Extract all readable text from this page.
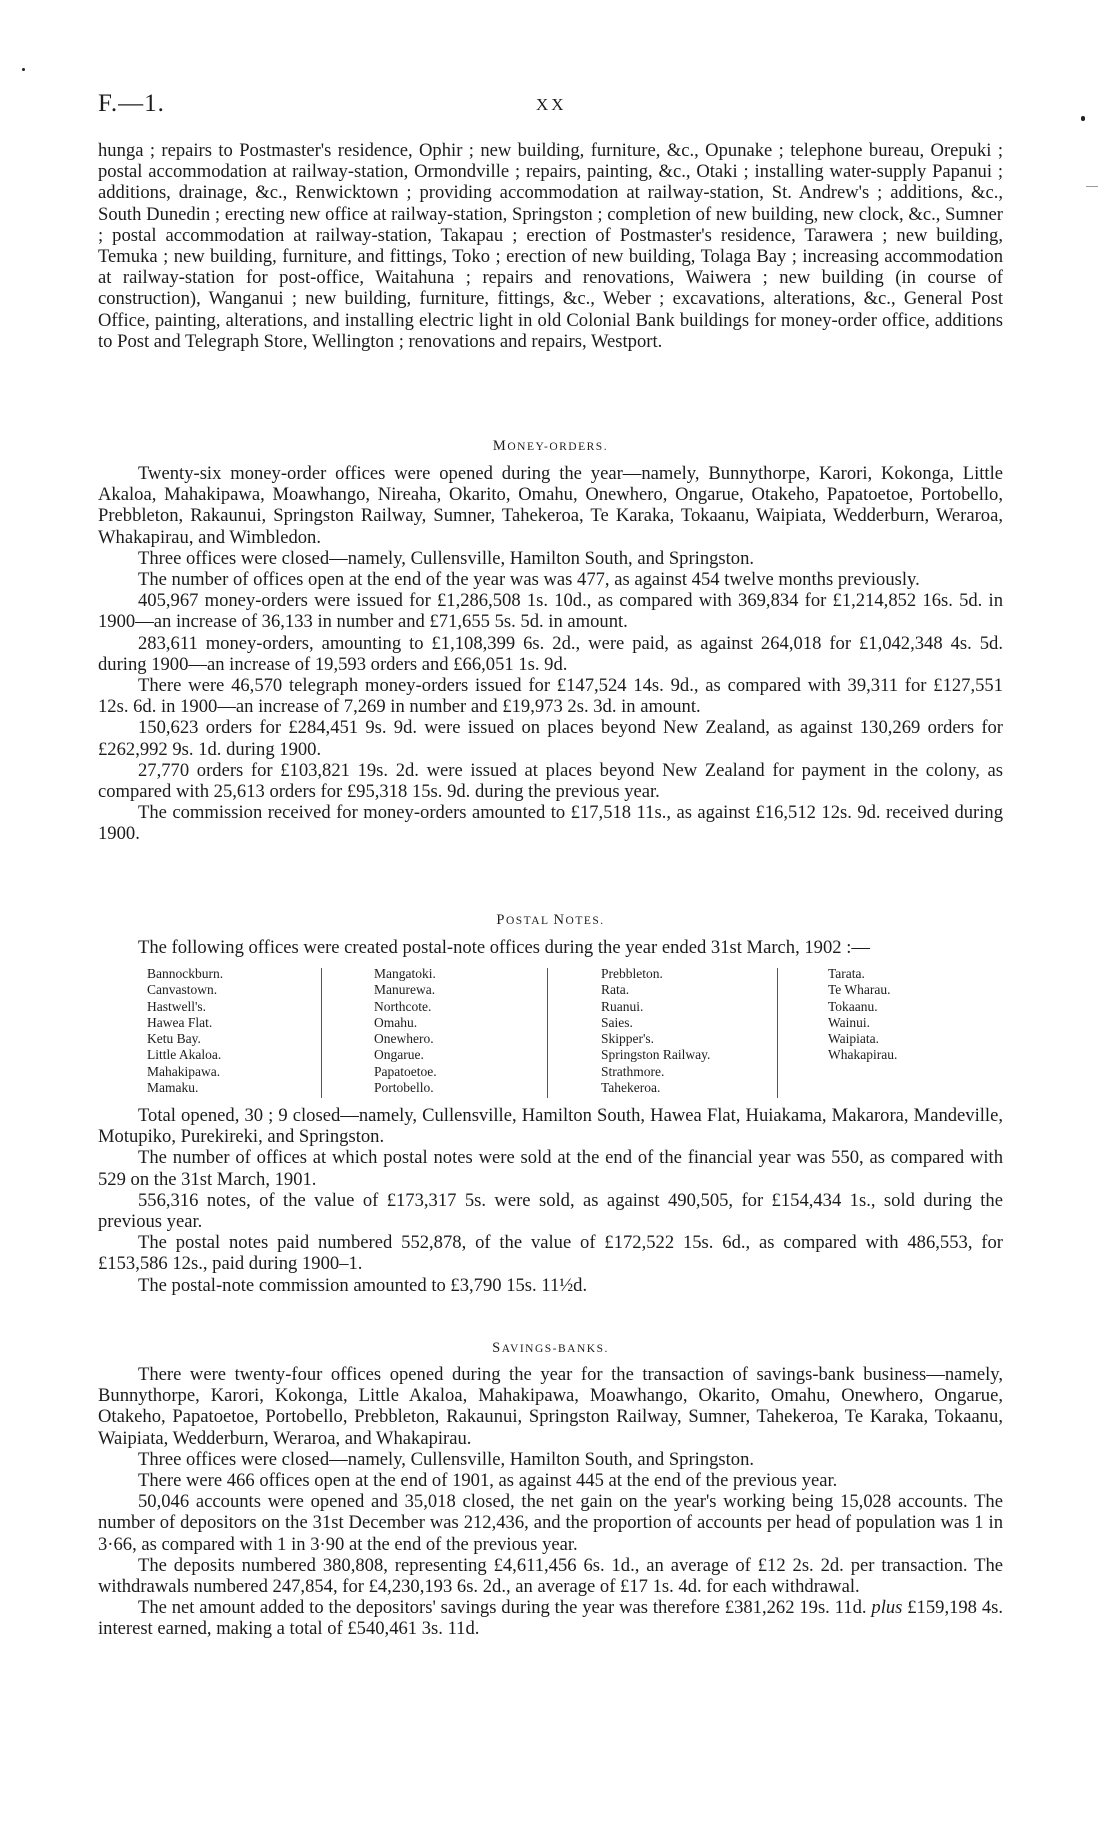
F.—1.	XX

hunga ; repairs to Postmaster's residence, Ophir ; new building, furniture, &c., Opunake ; telephone bureau, Orepuki ; postal accommodation at railway-station, Ormondville ; repairs, painting, &c., Otaki ; installing water-supply Papanui ; additions, drainage, &c., Renwicktown ; providing accommodation at railway-station, St. Andrew's ; additions, &c., South Dunedin ; erecting new office at railway-station, Springston ; completion of new building, new clock, &c., Sumner ; postal accommodation at railway-station, Takapau ; erection of Postmaster's residence, Tarawera ; new building, Temuka ; new building, furniture, and fittings, Toko ; erection of new building, Tolaga Bay ; increasing accommodation at railway-station for post-office, Waitahuna ; repairs and renovations, Waiwera ; new building (in course of construction), Wanganui ; new building, furniture, fittings, &c., Weber ; excavations, alterations, &c., General Post Office, painting, alterations, and installing electric light in old Colonial Bank buildings for money-order office, additions to Post and Telegraph Store, Wellington ; renovations and repairs, Westport.

MONEY-ORDERS.

Twenty-six money-order offices were opened during the year—namely, Bunnythorpe, Karori, Kokonga, Little Akaloa, Mahakipawa, Moawhango, Nireaha, Okarito, Omahu, Onewhero, Ongarue, Otakeho, Papatoetoe, Portobello, Prebbleton, Rakaunui, Springston Railway, Sumner, Tahekeroa, Te Karaka, Tokaanu, Waipiata, Wedderburn, Weraroa, Whakapirau, and Wimbledon.

Three offices were closed—namely, Cullensville, Hamilton South, and Springston.

The number of offices open at the end of the year was was 477, as against 454 twelve months previously.

405,967 money-orders were issued for £1,286,508 1s. 10d., as compared with 369,834 for £1,214,852 16s. 5d. in 1900—an increase of 36,133 in number and £71,655 5s. 5d. in amount.

283,611 money-orders, amounting to £1,108,399 6s. 2d., were paid, as against 264,018 for £1,042,348 4s. 5d. during 1900—an increase of 19,593 orders and £66,051 1s. 9d.

There were 46,570 telegraph money-orders issued for £147,524 14s. 9d., as compared with 39,311 for £127,551 12s. 6d. in 1900—an increase of 7,269 in number and £19,973 2s. 3d. in amount.

150,623 orders for £284,451 9s. 9d. were issued on places beyond New Zealand, as against 130,269 orders for £262,992 9s. 1d. during 1900.

27,770 orders for £103,821 19s. 2d. were issued at places beyond New Zealand for payment in the colony, as compared with 25,613 orders for £95,318 15s. 9d. during the previous year.

The commission received for money-orders amounted to £17,518 11s., as against £16,512 12s. 9d. received during 1900.

POSTAL NOTES.

The following offices were created postal-note offices during the year ended 31st March, 1902 :—

Bannockburn.
Canvastown.
Hastwell's.
Hawea Flat.
Ketu Bay.
Little Akaloa.
Mahakipawa.
Mamaku.
Mangatoki.
Manurewa.
Northcote.
Omahu.
Onewhero.
Ongarue.
Papatoetoe.
Portobello.
Prebbleton.
Rata.
Ruanui.
Saies.
Skipper's.
Springston Railway.
Strathmore.
Tahekeroa.
Tarata.
Te Wharau.
Tokaanu.
Wainui.
Waipiata.
Whakapirau.

Total opened, 30 ; 9 closed—namely, Cullensville, Hamilton South, Hawea Flat, Huiakama, Makarora, Mandeville, Motupiko, Purekireki, and Springston.

The number of offices at which postal notes were sold at the end of the financial year was 550, as compared with 529 on the 31st March, 1901.

556,316 notes, of the value of £173,317 5s. were sold, as against 490,505, for £154,434 1s., sold during the previous year.

The postal notes paid numbered 552,878, of the value of £172,522 15s. 6d., as compared with 486,553, for £153,586 12s., paid during 1900–1.

The postal-note commission amounted to £3,790 15s. 11½d.

SAVINGS-BANKS.

There were twenty-four offices opened during the year for the transaction of savings-bank business—namely, Bunnythorpe, Karori, Kokonga, Little Akaloa, Mahakipawa, Moawhango, Okarito, Omahu, Onewhero, Ongarue, Otakeho, Papatoetoe, Portobello, Prebbleton, Rakaunui, Springston Railway, Sumner, Tahekeroa, Te Karaka, Tokaanu, Waipiata, Wedderburn, Weraroa, and Whakapirau.

Three offices were closed—namely, Cullensville, Hamilton South, and Springston.

There were 466 offices open at the end of 1901, as against 445 at the end of the previous year.

50,046 accounts were opened and 35,018 closed, the net gain on the year's working being 15,028 accounts. The number of depositors on the 31st December was 212,436, and the proportion of accounts per head of population was 1 in 3·66, as compared with 1 in 3·90 at the end of the previous year.

The deposits numbered 380,808, representing £4,611,456 6s. 1d., an average of £12 2s. 2d. per transaction. The withdrawals numbered 247,854, for £4,230,193 6s. 2d., an average of £17 1s. 4d. for each withdrawal.

The net amount added to the depositors' savings during the year was therefore £381,262 19s. 11d. plus £159,198 4s. interest earned, making a total of £540,461 3s. 11d.
